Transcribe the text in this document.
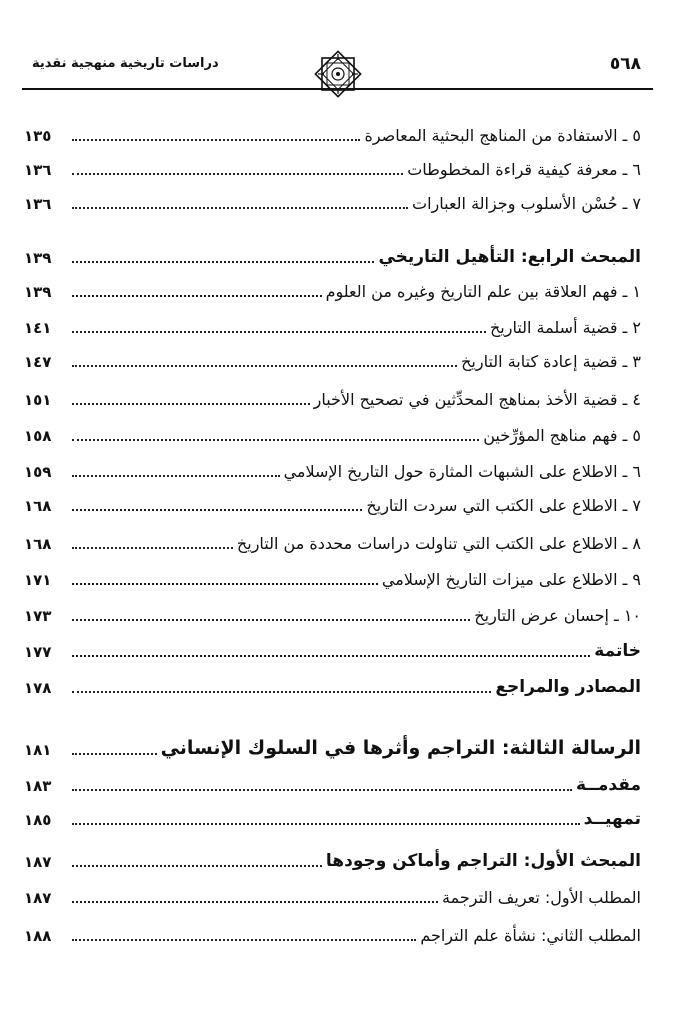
٥٦٨
دراسات تاريخية منهجية نقدية
٥ ـ الاستفادة من المناهج البحثية المعاصرة
١٣٥
٦ ـ معرفة كيفية قراءة المخطوطات
١٣٦
٧ ـ حُسْن الأسلوب وجزالة العبارات
١٣٦
المبحث الرابع: التأهيل التاريخي
١٣٩
١ ـ فهم العلاقة بين علم التاريخ وغيره من العلوم
١٣٩
٢ ـ قضية أسلمة التاريخ
١٤١
٣ ـ قضية إعادة كتابة التاريخ
١٤٧
٤ ـ قضية الأخذ بمناهج المحدِّثين في تصحيح الأخبار
١٥١
٥ ـ فهم مناهج المؤرِّخين
١٥٨
٦ ـ الاطلاع على الشبهات المثارة حول التاريخ الإسلامي
١٥٩
٧ ـ الاطلاع على الكتب التي سردت التاريخ
١٦٨
٨ ـ الاطلاع على الكتب التي تناولت دراسات محددة من التاريخ
١٦٨
٩ ـ الاطلاع على ميزات التاريخ الإسلامي
١٧١
١٠ ـ إحسان عرض التاريخ
١٧٣
خاتمة
١٧٧
المصادر والمراجع
١٧٨
الرسالة الثالثة: التراجم وأثرها في السلوك الإنساني
١٨١
مقدمــة
١٨٣
تمهيــد
١٨٥
المبحث الأول: التراجم وأماكن وجودها
١٨٧
المطلب الأول: تعريف الترجمة
١٨٧
المطلب الثاني: نشأة علم التراجم
١٨٨
